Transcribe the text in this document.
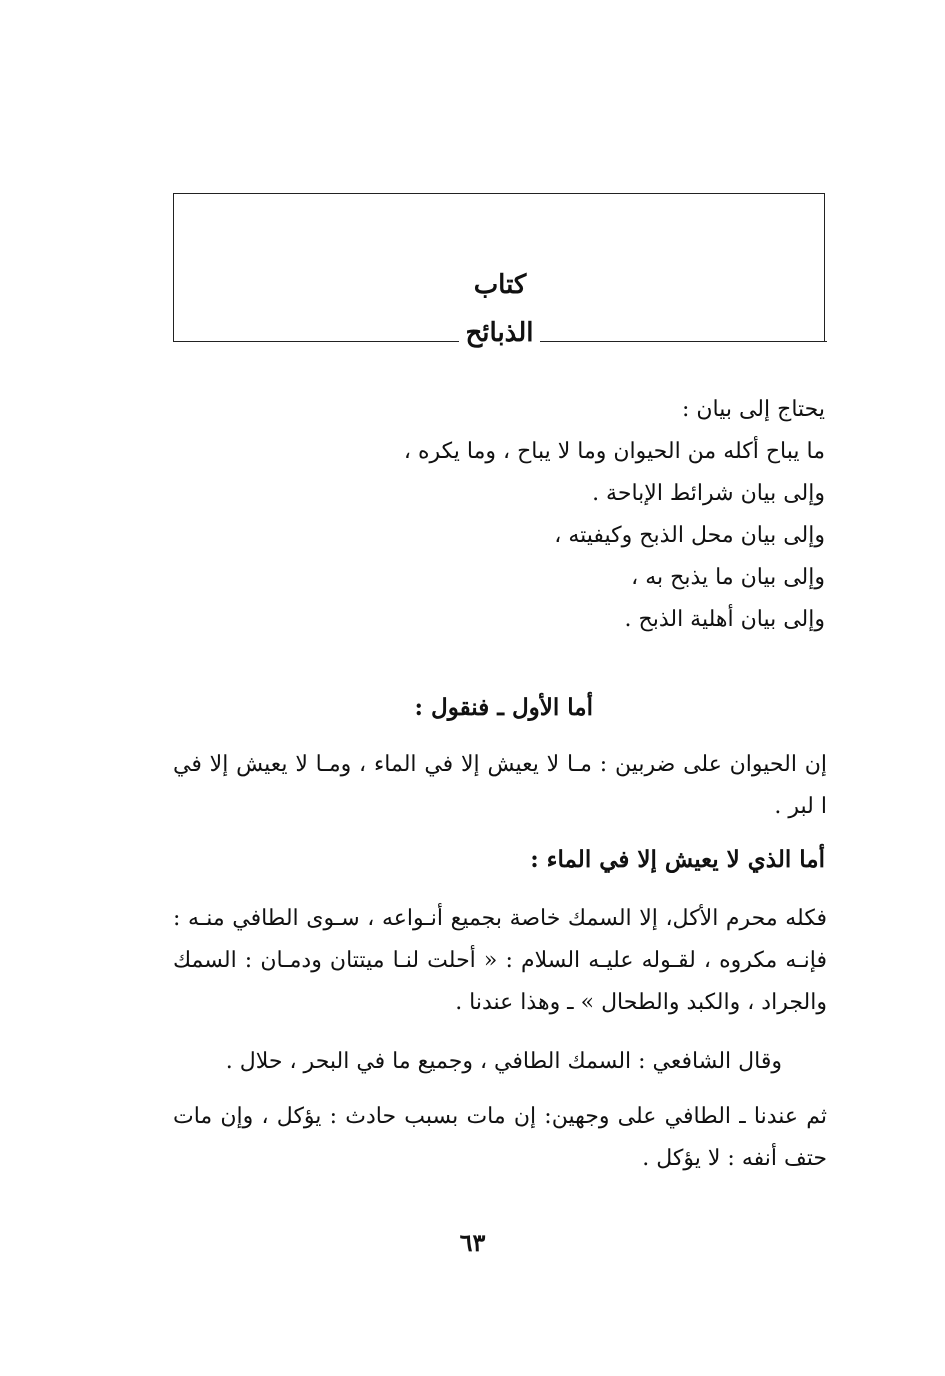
كتاب
الذبائح
يحتاج إلى بيان :
ما يباح أكله من الحيوان وما لا يباح ، وما يكره ،
وإلى بيان شرائط الإباحة .
وإلى بيان محل الذبح وكيفيته ،
وإلى بيان ما يذبح به ،
وإلى بيان أهلية الذبح .
أما الأول ـ فنقول :
إن الحيوان على ضربين : مـا لا يعيش إلا في الماء ، ومـا لا يعيش إلا في ا لبر .
أما الذي لا يعيش إلا في الماء :
فكله محرم الأكل، إلا السمك خاصة بجميع أنـواعه ، سـوى الطافي منـه : فإنـه مكروه ، لقـوله عليـه السلام : « أحلت لنـا ميتتان ودمـان : السمك والجراد ، والكبد والطحال » ـ وهذا عندنا .
وقال الشافعي : السمك الطافي ، وجميع ما في البحر ، حلال .
ثم عندنا ـ الطافي على وجهين: إن مات بسبب حادث : يؤكل ، وإن مات حتف أنفه : لا يؤكل .
٦٣
